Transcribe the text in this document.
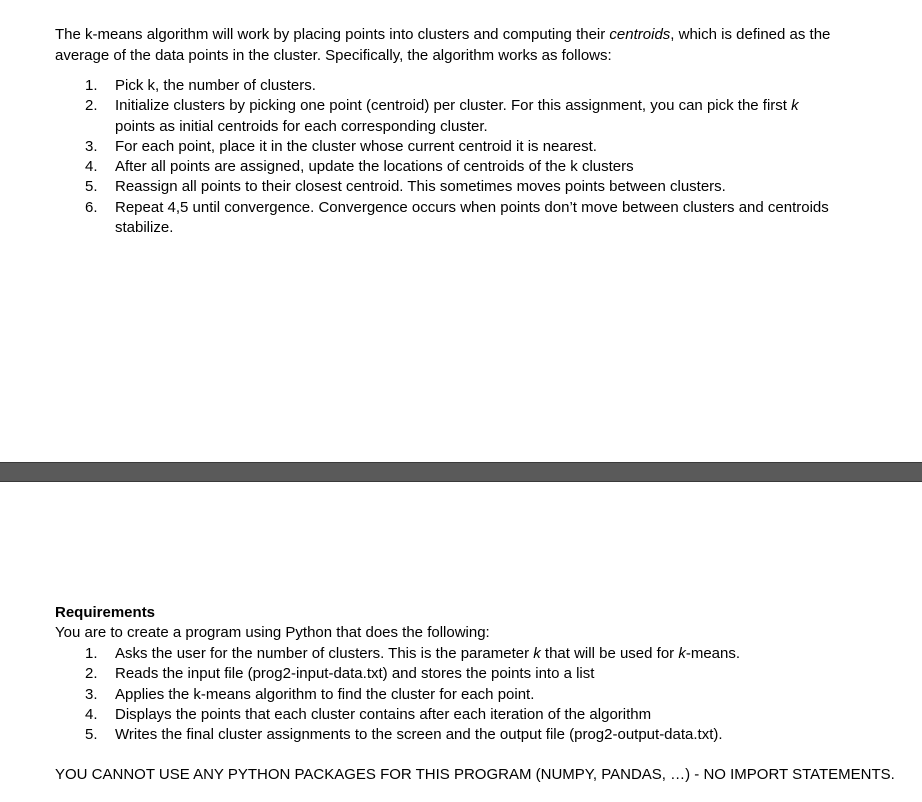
The k-means algorithm will work by placing points into clusters and computing their centroids, which is defined as the average of the data points in the cluster. Specifically, the algorithm works as follows:

1. Pick k, the number of clusters.
2. Initialize clusters by picking one point (centroid) per cluster. For this assignment, you can pick the first k points as initial centroids for each corresponding cluster.
3. For each point, place it in the cluster whose current centroid it is nearest.
4. After all points are assigned, update the locations of centroids of the k clusters
5. Reassign all points to their closest centroid. This sometimes moves points between clusters.
6. Repeat 4,5 until convergence. Convergence occurs when points don’t move between clusters and centroids stabilize.

Requirements

You are to create a program using Python that does the following:

1. Asks the user for the number of clusters. This is the parameter k that will be used for k-means.
2. Reads the input file (prog2-input-data.txt) and stores the points into a list
3. Applies the k-means algorithm to find the cluster for each point.
4. Displays the points that each cluster contains after each iteration of the algorithm
5. Writes the final cluster assignments to the screen and the output file (prog2-output-data.txt).

YOU CANNOT USE ANY PYTHON PACKAGES FOR THIS PROGRAM (NUMPY, PANDAS, …) - NO IMPORT STATEMENTS.
